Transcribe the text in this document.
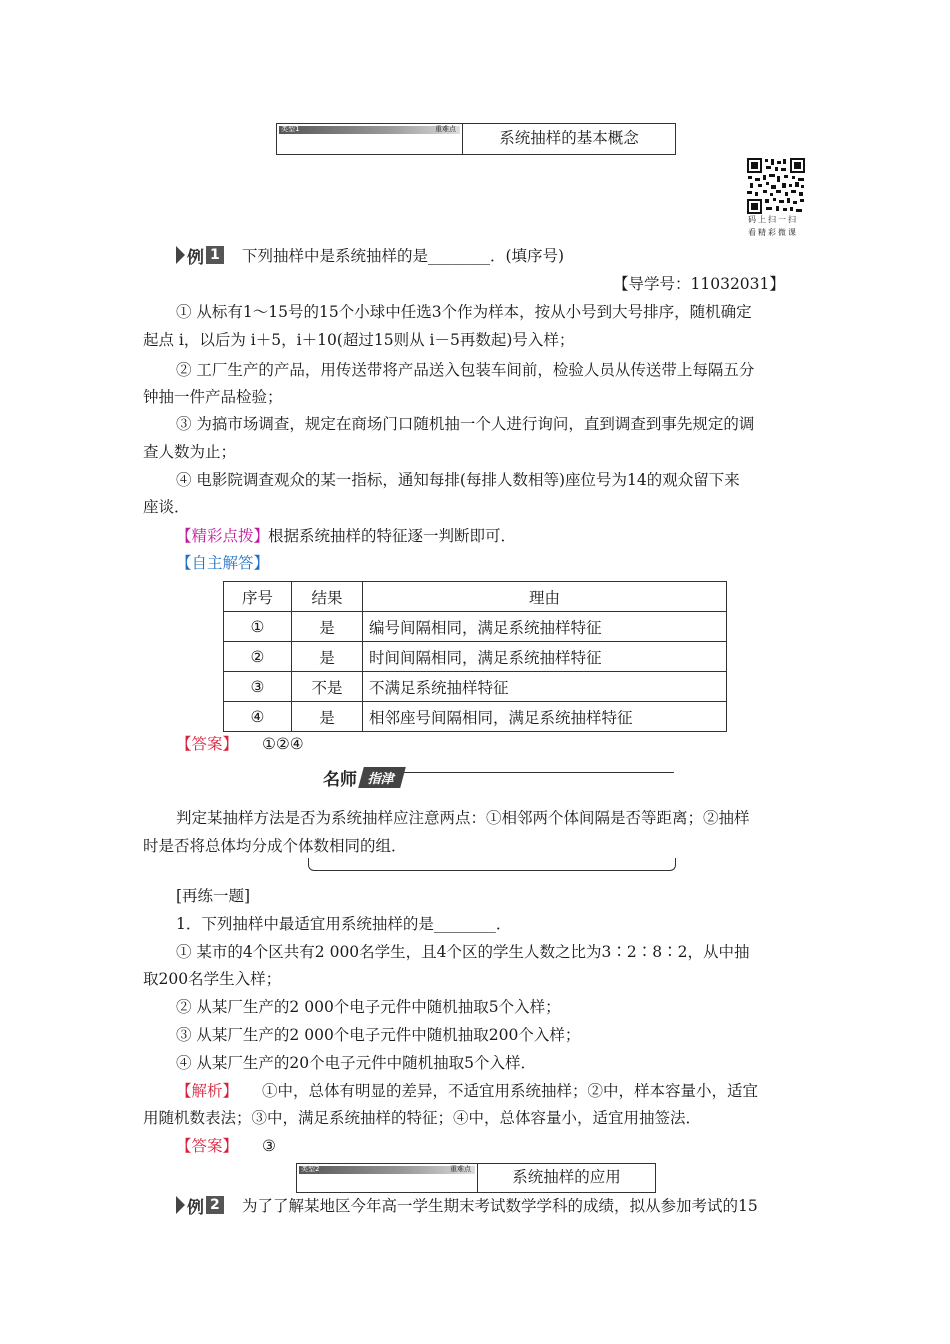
类型1	重难点	系统抽样的基本概念
码上扫一扫
看精彩微课
例 1 下列抽样中是系统抽样的是________．(填序号)
【导学号：11032031】
① 从标有1～15号的15个小球中任选3个作为样本，按从小号到大号排序，随机确定
起点 i，以后为 i＋5，i＋10(超过15则从 i－5再数起)号入样；
② 工厂生产的产品，用传送带将产品送入包装车间前，检验人员从传送带上每隔五分
钟抽一件产品检验；
③ 为搞市场调查，规定在商场门口随机抽一个人进行询问，直到调查到事先规定的调
查人数为止；
④ 电影院调查观众的某一指标，通知每排(每排人数相等)座位号为14的观众留下来
座谈．
【精彩点拨】
根据系统抽样的特征逐一判断即可．
【自主解答】
序号	结果	理由
①	是	编号间隔相同，满足系统抽样特征
②	是	时间间隔相同，满足系统抽样特征
③	不是	不满足系统抽样特征
④	是	相邻座号间隔相同，满足系统抽样特征
【答案】 ①②④
名师 指津
判定某抽样方法是否为系统抽样应注意两点：①相邻两个体间隔是否等距离；②抽样
时是否将总体均分成个体数相同的组．
[再练一题]
1．下列抽样中最适宜用系统抽样的是________．
① 某市的4个区共有2 000名学生，且4个区的学生人数之比为3∶2∶8∶2，从中抽
取200名学生入样；
② 从某厂生产的2 000个电子元件中随机抽取5个入样；
③ 从某厂生产的2 000个电子元件中随机抽取200个入样；
④ 从某厂生产的20个电子元件中随机抽取5个入样．
【解析】 ①中，总体有明显的差异，不适宜用系统抽样；②中，样本容量小，适宜
用随机数表法；③中，满足系统抽样的特征；④中，总体容量小，适宜用抽签法．
【答案】 ③
类型2	重难点	系统抽样的应用
例 2 为了了解某地区今年高一学生期末考试数学学科的成绩，拟从参加考试的15
